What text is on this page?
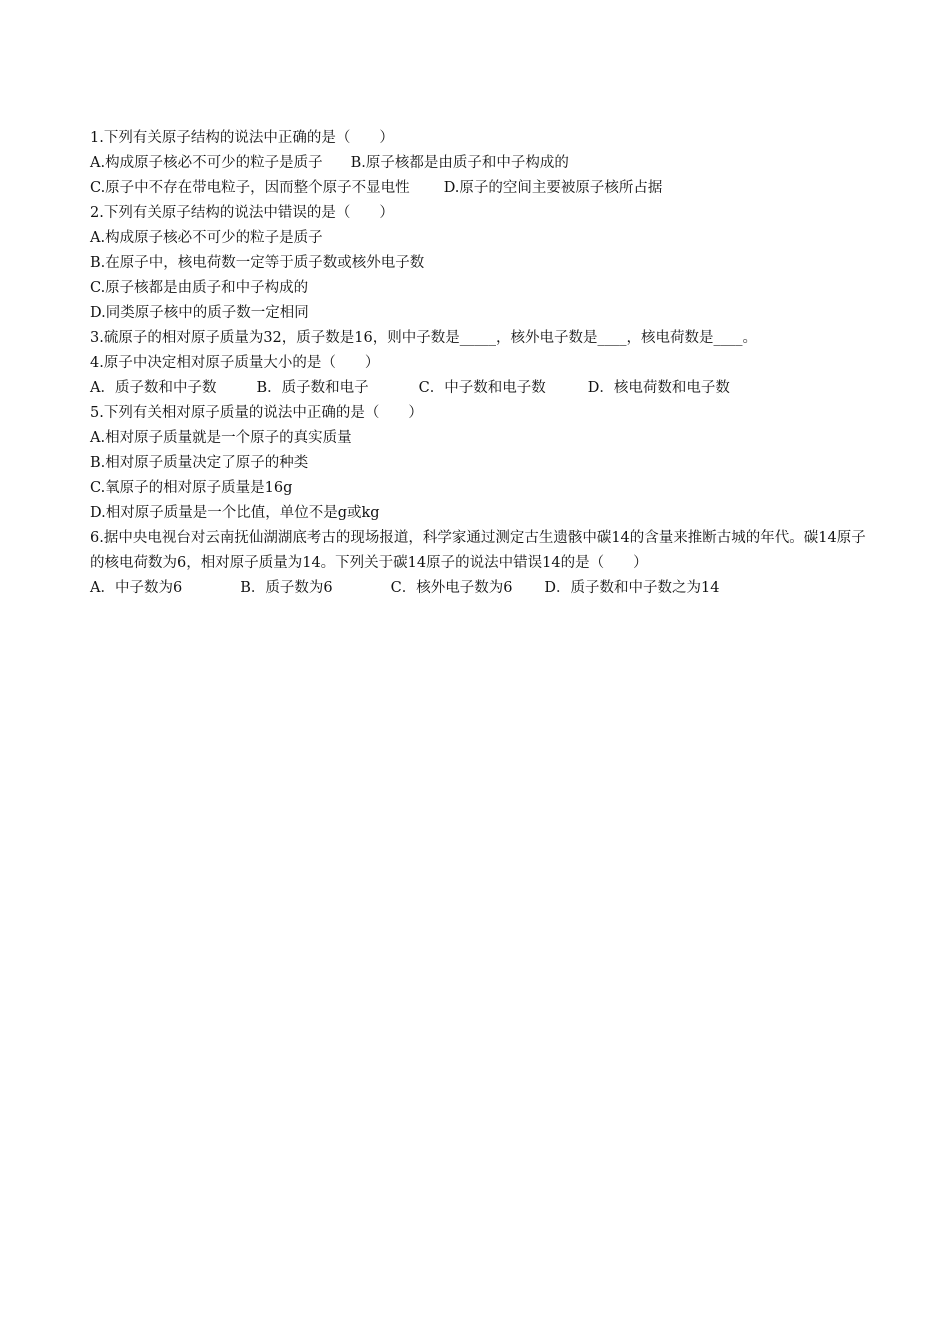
1.下列有关原子结构的说法中正确的是（　　）
A.构成原子核必不可少的粒子是质子 B.原子核都是由质子和中子构成的
C.原子中不存在带电粒子，因而整个原子不显电性 D.原子的空间主要被原子核所占据
2.下列有关原子结构的说法中错误的是（　　）
A.构成原子核必不可少的粒子是质子
B.在原子中，核电荷数一定等于质子数或核外电子数
C.原子核都是由质子和中子构成的
D.同类原子核中的质子数一定相同
3.硫原子的相对原子质量为32，质子数是16，则中子数是_____，核外电子数是____，核电荷数是____。
4.原子中决定相对原子质量大小的是（　　）
A．质子数和中子数	B．质子数和电子	C．中子数和电子数	D．核电荷数和电子数
5.下列有关相对原子质量的说法中正确的是（　　）
A.相对原子质量就是一个原子的真实质量
B.相对原子质量决定了原子的种类
C.氧原子的相对原子质量是16g
D.相对原子质量是一个比值，单位不是g或kg
6.据中央电视台对云南抚仙湖湖底考古的现场报道，科学家通过测定古生遗骸中碳14的含量来推断古城的年代。碳14原子的核电荷数为6，相对原子质量为14。下列关于碳14原子的说法中错误14的是（　　）
A．中子数为6	B．质子数为6	C．核外电子数为6 D．质子数和中子数之为14
